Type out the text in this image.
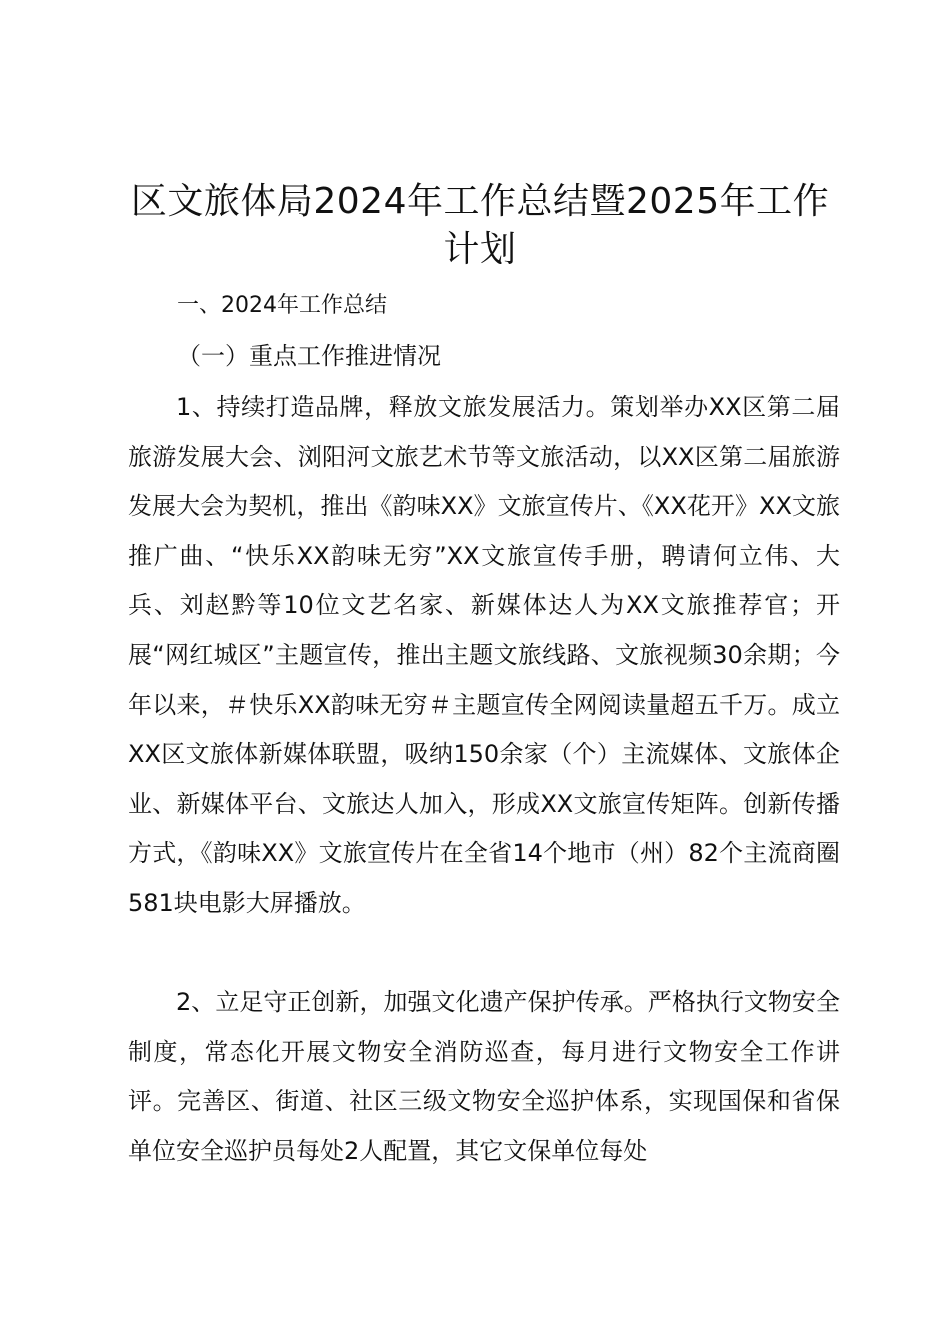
区文旅体局2024年工作总结暨2025年工作计划

一、2024年工作总结

（一）重点工作推进情况

1、持续打造品牌，释放文旅发展活力。策划举办XX区第二届旅游发展大会、浏阳河文旅艺术节等文旅活动，以XX区第二届旅游发展大会为契机，推出《韵味XX》文旅宣传片、《XX花开》XX文旅推广曲、“快乐XX韵味无穷”XX文旅宣传手册，聘请何立伟、大兵、刘赵黔等10位文艺名家、新媒体达人为XX文旅推荐官；开展“网红城区”主题宣传，推出主题文旅线路、文旅视频30余期；今年以来，＃快乐XX韵味无穷＃主题宣传全网阅读量超五千万。成立XX区文旅体新媒体联盟，吸纳150余家（个）主流媒体、文旅体企业、新媒体平台、文旅达人加入，形成XX文旅宣传矩阵。创新传播方式，《韵味XX》文旅宣传片在全省14个地市（州）82个主流商圈581块电影大屏播放。

2、立足守正创新，加强文化遗产保护传承。严格执行文物安全制度，常态化开展文物安全消防巡查，每月进行文物安全工作讲评。完善区、街道、社区三级文物安全巡护体系，实现国保和省保单位安全巡护员每处2人配置，其它文保单位每处
